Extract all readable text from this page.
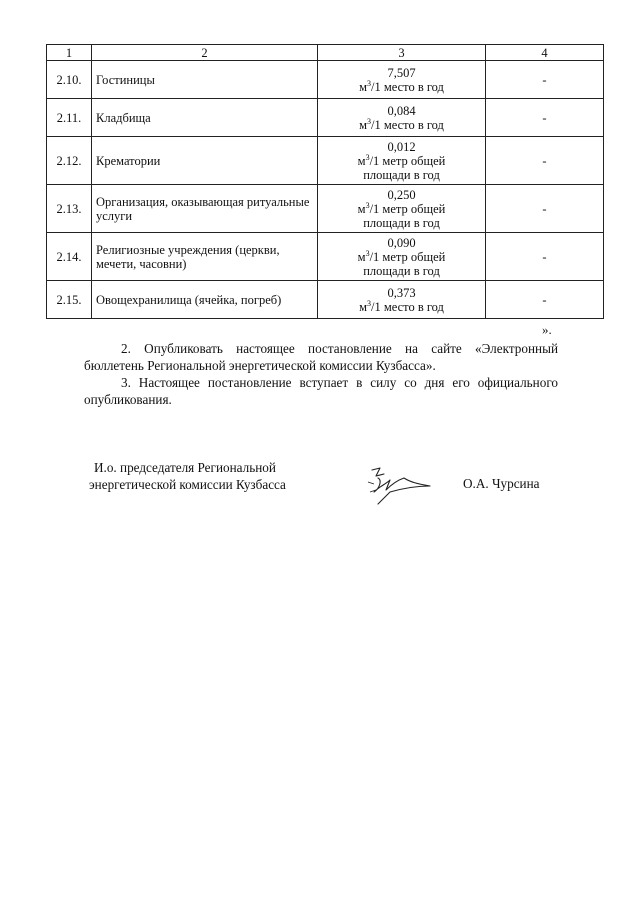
1	2	3	4
2.10.	Гостиницы	7,507
$м^3/1$ место в год	-
2.11.	Кладбища	0,084
$м^3/1$ место в год	-
2.12.	Крематории	0,012
$м^3/1$ метр общей
площади в год	-
2.13.	Организация, оказывающая ритуальные услуги	0,250
$м^3/1$ метр общей
площади в год	-
2.14.	Религиозные учреждения (церкви, мечети, часовни)	0,090
$м^3/1$ метр общей
площади в год	-
2.15.	Овощехранилища (ячейка, погреб)	0,373
$м^3/1$ место в год	-
».

2. Опубликовать настоящее постановление на сайте «Электронный бюллетень Региональной энергетической комиссии Кузбасса».

3. Настоящее постановление вступает в силу со дня его официального опубликования.

И.о. председателя Региональной
энергетической комиссии Кузбасса	О.А. Чурсина
